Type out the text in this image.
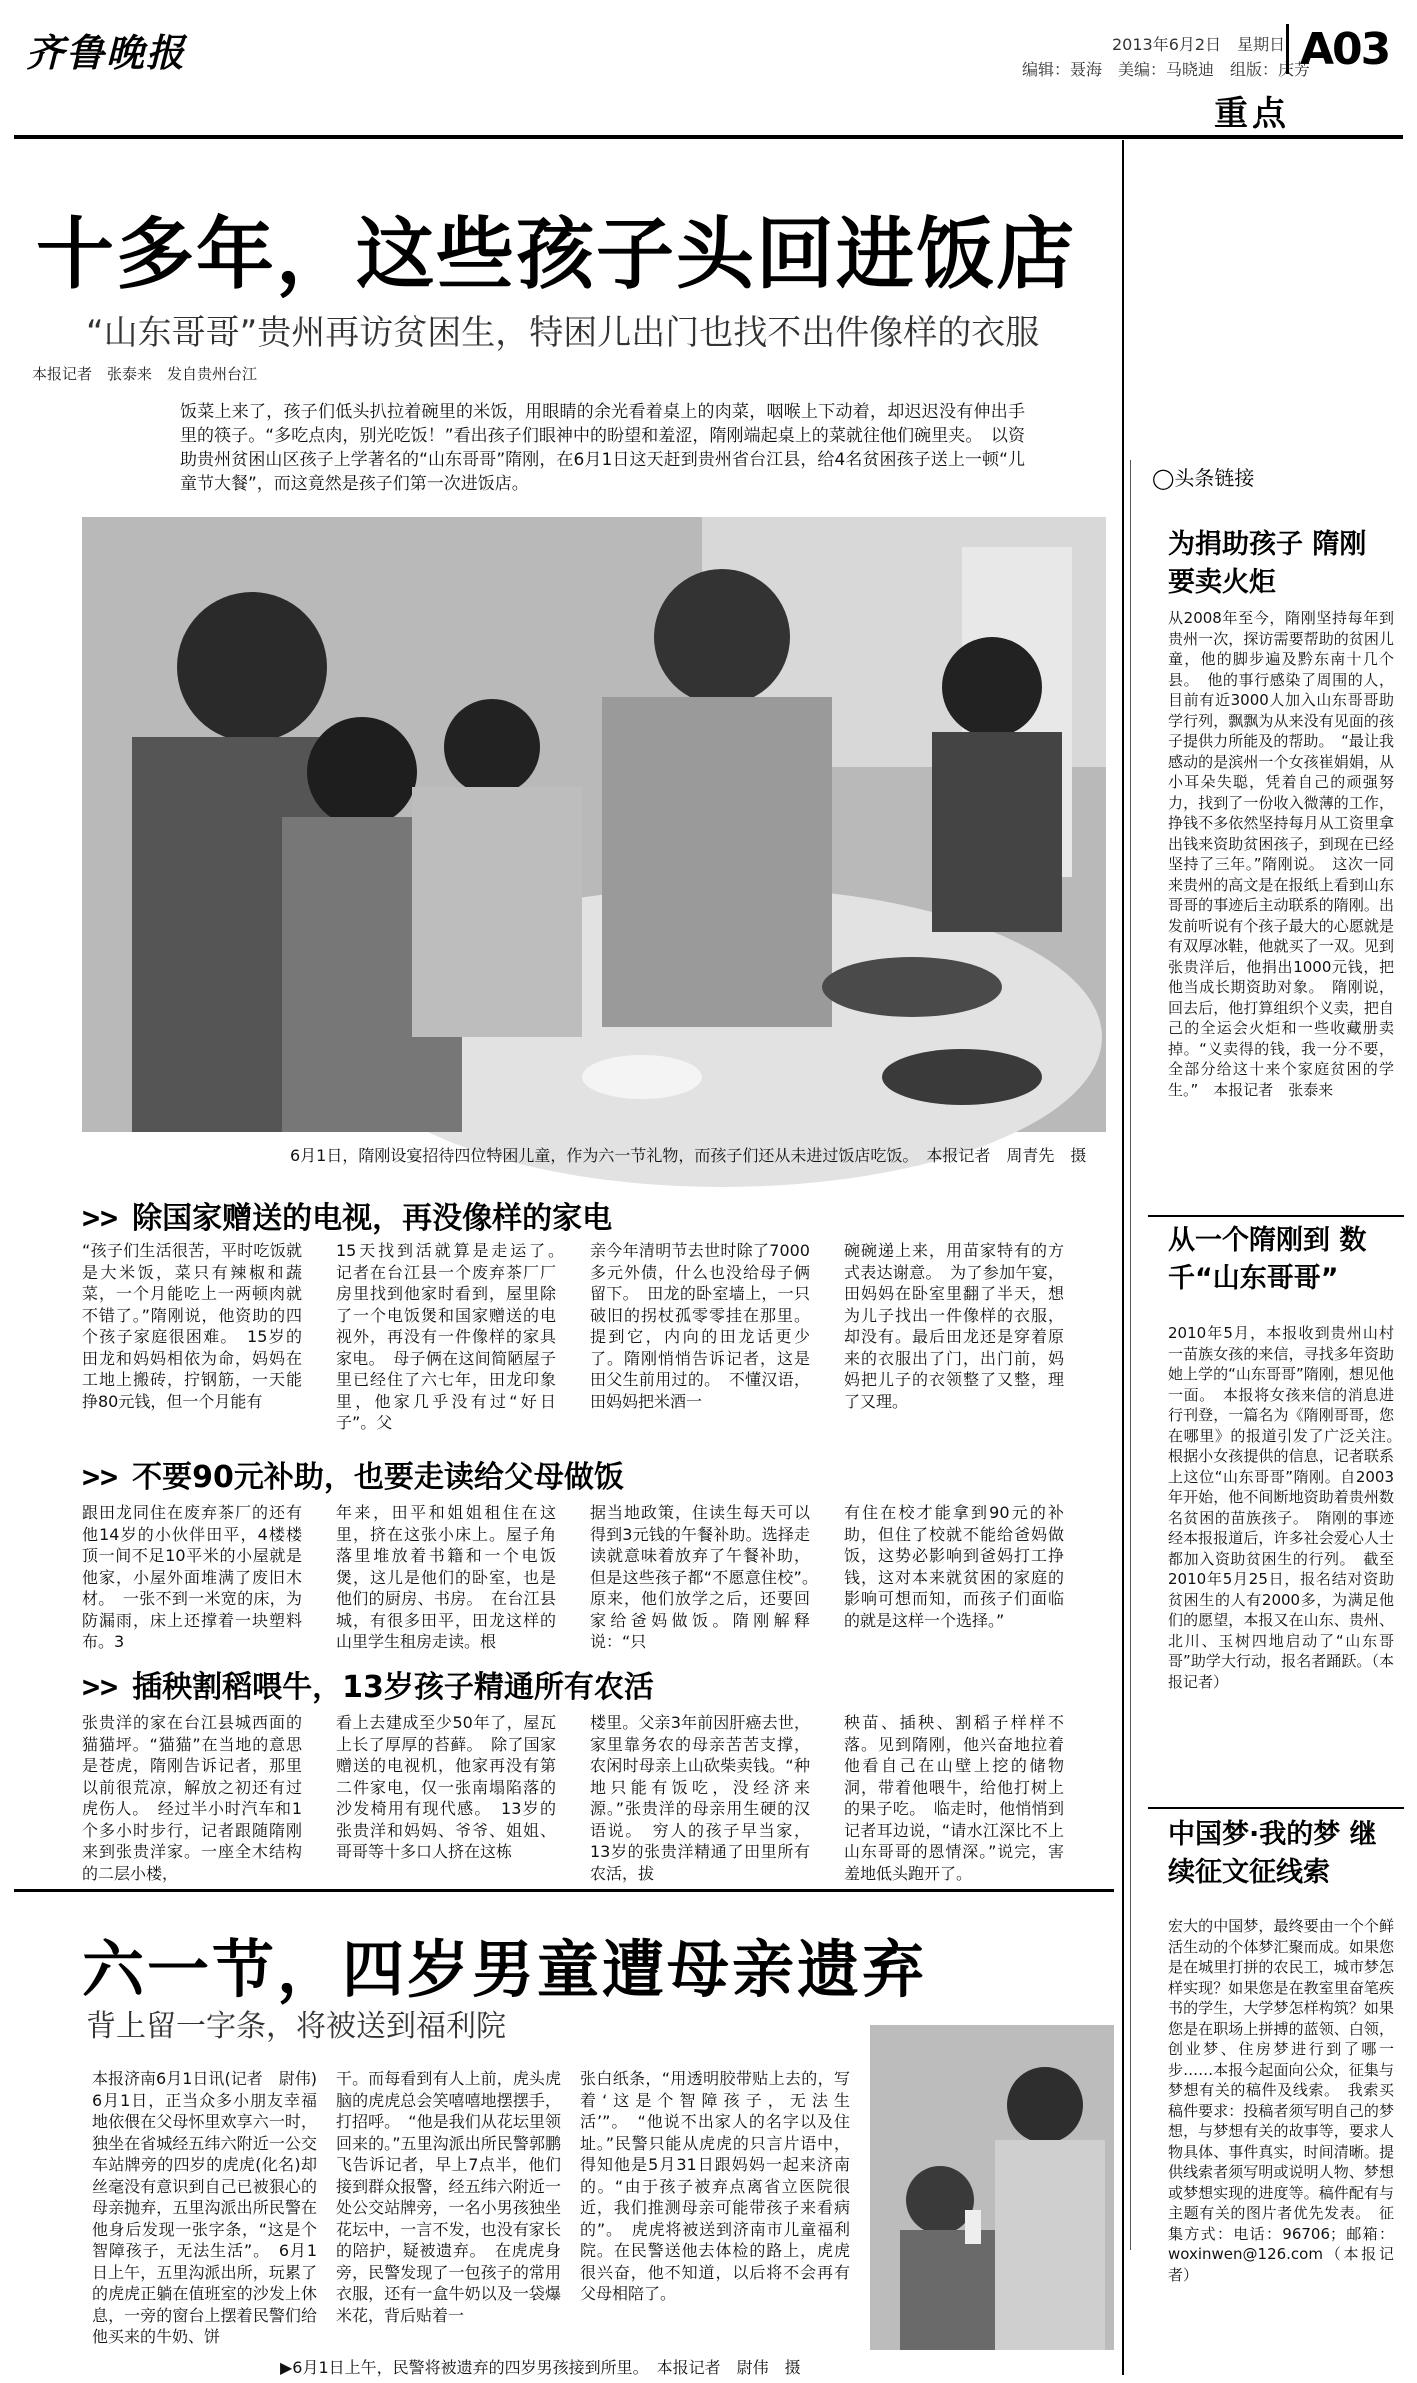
齐鲁晚报	2013年6月2日　星期日
编辑：聂海　美编：马晓迪　组版：庆芳
A03
重点
十多年，这些孩子头回进饭店
“山东哥哥”贵州再访贫困生，特困儿出门也找不出件像样的衣服
本报记者　张泰来　发自贵州台江
饭菜上来了，孩子们低头扒拉着碗里的米饭，用眼睛的余光看着桌上的肉菜，咽喉上下动着，却迟迟没有伸出手里的筷子。“多吃点肉，别光吃饭！”看出孩子们眼神中的盼望和羞涩，隋刚端起桌上的菜就往他们碗里夹。　以资助贵州贫困山区孩子上学著名的“山东哥哥”隋刚，在6月1日这天赶到贵州省台江县，给4名贫困孩子送上一顿“儿童节大餐”，而这竟然是孩子们第一次进饭店。
6月1日，隋刚设宴招待四位特困儿童，作为六一节礼物，而孩子们还从未进过饭店吃饭。　本报记者　周青先　摄
>> 除国家赠送的电视，再没像样的家电
“孩子们生活很苦，平时吃饭就是大米饭，菜只有辣椒和蔬菜，一个月能吃上一两顿肉就不错了。”隋刚说，他资助的四个孩子家庭很困难。　15岁的田龙和妈妈相依为命，妈妈在工地上搬砖，拧钢筋，一天能挣80元钱，但一个月能有
15天找到活就算是走运了。　记者在台江县一个废弃茶厂厂房里找到他家时看到，屋里除了一个电饭煲和国家赠送的电视外，再没有一件像样的家具家电。　母子俩在这间简陋屋子里已经住了六七年，田龙印象里，他家几乎没有过“好日子”。父
亲今年清明节去世时除了7000多元外债，什么也没给母子俩留下。　田龙的卧室墙上，一只破旧的拐杖孤零零挂在那里。提到它，内向的田龙话更少了。隋刚悄悄告诉记者，这是田父生前用过的。　不懂汉语，田妈妈把米酒一
碗碗递上来，用苗家特有的方式表达谢意。　为了参加午宴，田妈妈在卧室里翻了半天，想为儿子找出一件像样的衣服，却没有。最后田龙还是穿着原来的衣服出了门，出门前，妈妈把儿子的衣领整了又整，理了又理。
>> 不要90元补助，也要走读给父母做饭
跟田龙同住在废弃茶厂的还有他14岁的小伙伴田平，4楼楼顶一间不足10平米的小屋就是他家，小屋外面堆满了废旧木材。　一张不到一米宽的床，为防漏雨，床上还撑着一块塑料布。3
年来，田平和姐姐租住在这里，挤在这张小床上。屋子角落里堆放着书籍和一个电饭煲，这儿是他们的卧室，也是他们的厨房、书房。　在台江县城，有很多田平，田龙这样的山里学生租房走读。根
据当地政策，住读生每天可以得到3元钱的午餐补助。选择走读就意味着放弃了午餐补助，但是这些孩子都“不愿意住校”。　原来，他们放学之后，还要回家给爸妈做饭。隋刚解释说：“只
有住在校才能拿到90元的补助，但住了校就不能给爸妈做饭，这势必影响到爸妈打工挣钱，这对本来就贫困的家庭的影响可想而知，而孩子们面临的就是这样一个选择。”
>> 插秧割稻喂牛，13岁孩子精通所有农活
张贵洋的家在台江县城西面的猫猫坪。“猫猫”在当地的意思是苍虎，隋刚告诉记者，那里以前很荒凉，解放之初还有过虎伤人。　经过半小时汽车和1个多小时步行，记者跟随隋刚来到张贵洋家。一座全木结构的二层小楼，
看上去建成至少50年了，屋瓦上长了厚厚的苔藓。　除了国家赠送的电视机，他家再没有第二件家电，仅一张南塌陷落的沙发椅用有现代感。　13岁的张贵洋和妈妈、爷爷、姐姐、哥哥等十多口人挤在这栋
楼里。父亲3年前因肝癌去世，家里靠务农的母亲苦苦支撑，农闲时母亲上山砍柴卖钱。“种地只能有饭吃，没经济来源。”张贵洋的母亲用生硬的汉语说。　穷人的孩子早当家，13岁的张贵洋精通了田里所有农活，拔
秧苗、插秧、割稻子样样不落。见到隋刚，他兴奋地拉着他看自己在山壁上挖的储物洞，带着他喂牛，给他打树上的果子吃。　临走时，他悄悄到记者耳边说，“请水江深比不上山东哥哥的恩情深。”说完，害羞地低头跑开了。
◯头条链接
为捐助孩子 隋刚要卖火炬
从2008年至今，隋刚坚持每年到贵州一次，探访需要帮助的贫困儿童，他的脚步遍及黔东南十几个县。　他的事行感染了周围的人，目前有近3000人加入山东哥哥助学行列，飘飘为从来没有见面的孩子提供力所能及的帮助。　“最让我感动的是滨州一个女孩崔娟娟，从小耳朵失聪，凭着自己的顽强努力，找到了一份收入微薄的工作，挣钱不多依然坚持每月从工资里拿出钱来资助贫困孩子，到现在已经坚持了三年。”隋刚说。　这次一同来贵州的高文是在报纸上看到山东哥哥的事迹后主动联系的隋刚。出发前听说有个孩子最大的心愿就是有双厚冰鞋，他就买了一双。见到张贵洋后，他捐出1000元钱，把他当成长期资助对象。　隋刚说，回去后，他打算组织个义卖，把自己的全运会火炬和一些收藏册卖掉。“义卖得的钱，我一分不要，全部分给这十来个家庭贫困的学生。”　本报记者　张泰来
从一个隋刚到 数千“山东哥哥”
2010年5月，本报收到贵州山村一苗族女孩的来信，寻找多年资助她上学的“山东哥哥”隋刚，想见他一面。　本报将女孩来信的消息进行刊登，一篇名为《隋刚哥哥，您在哪里》的报道引发了广泛关注。　根据小女孩提供的信息，记者联系上这位“山东哥哥”隋刚。自2003年开始，他不间断地资助着贵州数名贫困的苗族孩子。　隋刚的事迹经本报报道后，许多社会爱心人士都加入资助贫困生的行列。　截至2010年5月25日，报名结对资助贫困生的人有2000多，为满足他们的愿望，本报又在山东、贵州、北川、玉树四地启动了“山东哥哥”助学大行动，报名者踊跃。（本报记者）
中国梦·我的梦 继续征文征线索
宏大的中国梦，最终要由一个个鲜活生动的个体梦汇聚而成。如果您是在城里打拼的农民工，城市梦怎样实现？如果您是在教室里奋笔疾书的学生，大学梦怎样构筑？如果您是在职场上拼搏的蓝领、白领，创业梦、住房梦进行到了哪一步……本报今起面向公众，征集与梦想有关的稿件及线索。　我索买稿件要求：投稿者须写明自己的梦想，与梦想有关的故事等，要求人物具体、事件真实，时间清晰。提供线索者须写明或说明人物、梦想或梦想实现的进度等。稿件配有与主题有关的图片者优先发表。　征集方式：电话：96706；邮箱：woxinwen@126.com（本报记者）
六一节，四岁男童遭母亲遗弃
背上留一字条，将被送到福利院
本报济南6月1日讯(记者　尉伟)　6月1日，正当众多小朋友幸福地依偎在父母怀里欢享六一时，独坐在省城经五纬六附近一公交车站牌旁的四岁的虎虎(化名)却丝毫没有意识到自己已被狠心的母亲抛弃，五里沟派出所民警在他身后发现一张字条，“这是个智障孩子，无法生活”。　6月1日上午，五里沟派出所，玩累了的虎虎正躺在值班室的沙发上休息，一旁的窗台上摆着民警们给他买来的牛奶、饼
干。而每看到有人上前，虎头虎脑的虎虎总会笑嘻嘻地摆摆手，打招呼。　“他是我们从花坛里领回来的。”五里沟派出所民警郭鹏飞告诉记者，早上7点半，他们接到群众报警，经五纬六附近一处公交站牌旁，一名小男孩独坐花坛中，一言不发，也没有家长的陪护，疑被遗弃。　在虎虎身旁，民警发现了一包孩子的常用衣服，还有一盒牛奶以及一袋爆米花，背后贴着一
张白纸条，“用透明胶带贴上去的，写着‘这是个智障孩子，无法生活’”。　“他说不出家人的名字以及住址。”民警只能从虎虎的只言片语中，得知他是5月31日跟妈妈一起来济南的。“由于孩子被弃点离省立医院很近，我们推测母亲可能带孩子来看病的”。　虎虎将被送到济南市儿童福利院。在民警送他去体检的路上，虎虎很兴奋，他不知道，以后将不会再有父母相陪了。
▶6月1日上午，民警将被遗弃的四岁男孩接到所里。　本报记者　尉伟　摄
